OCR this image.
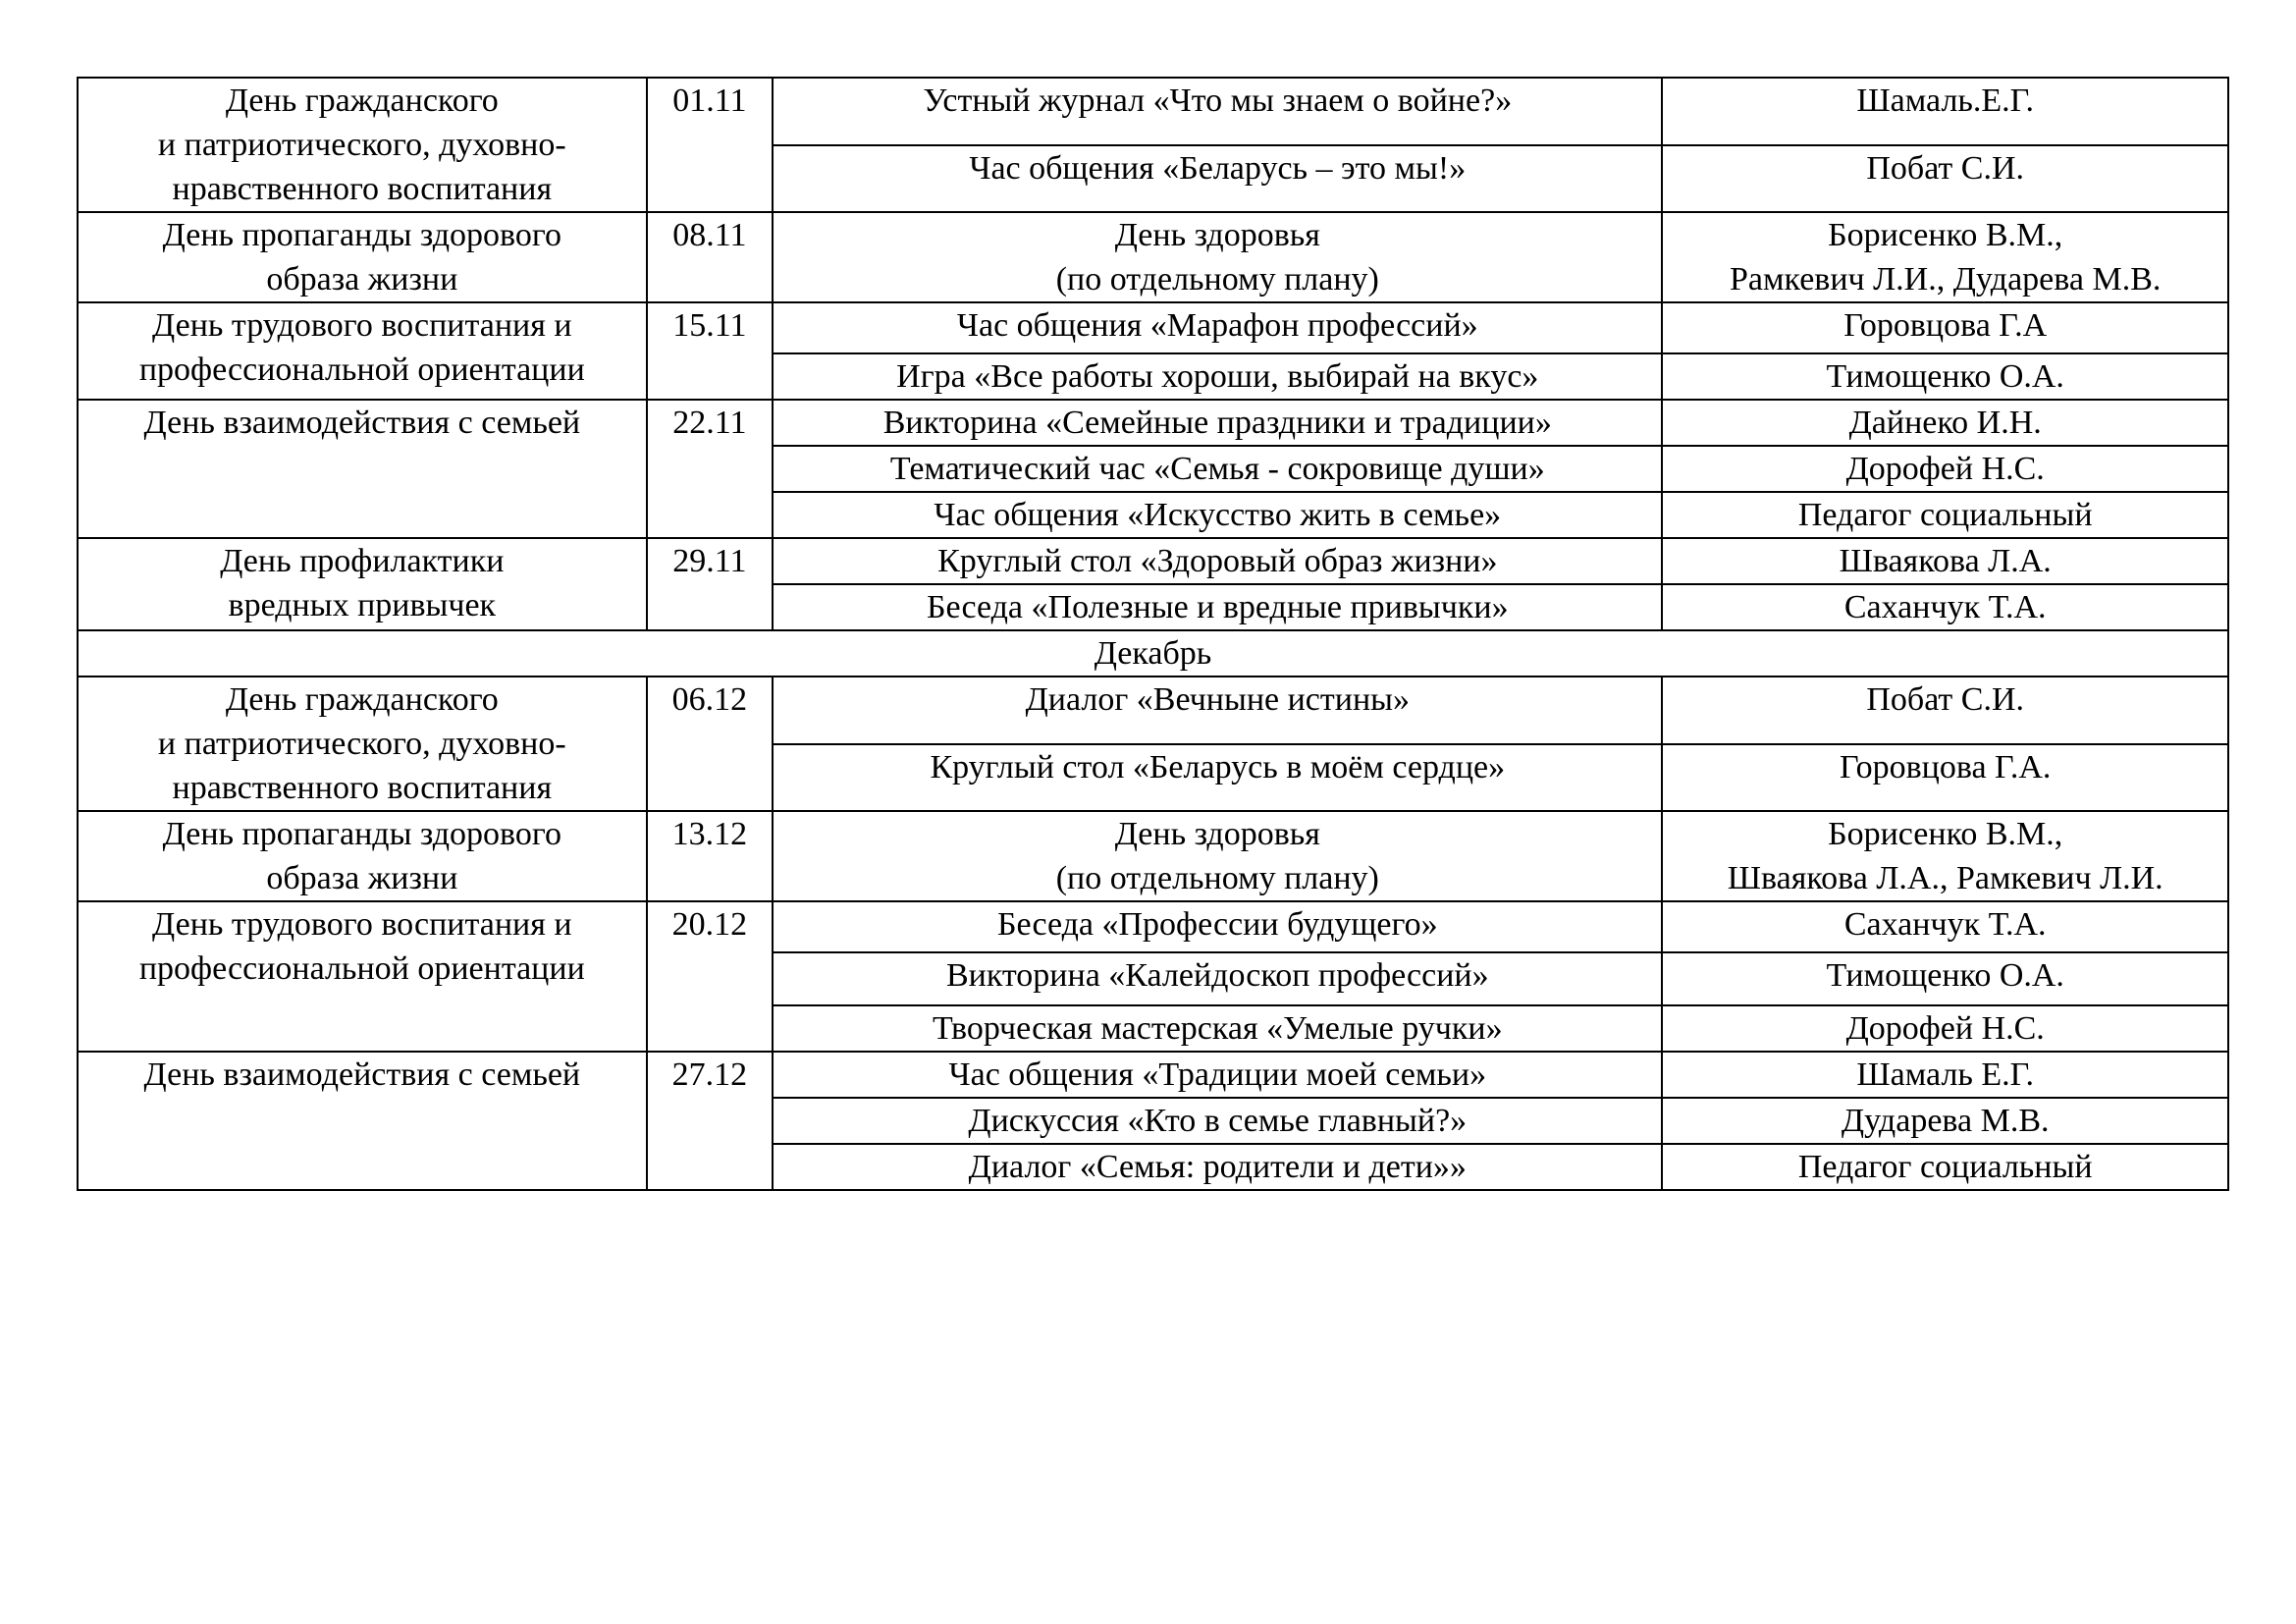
День гражданского
и патриотического, духовно-
нравственного воспитания	01.11	Устный журнал «Что мы знаем о войне?»	Шамаль.Е.Г.

		Час общения «Беларусь – это мы!»	Побат С.И.

День пропаганды здорового
образа жизни	08.11	День здоровья
(по отдельному плану)	Борисенко В.М.,
Рамкевич Л.И., Дударева М.В.

День трудового воспитания и
профессиональной ориентации	15.11	Час общения «Марафон профессий»	Горовцова Г.А

		Игра «Все работы хороши, выбирай на вкус»	Тимощенко О.А.

День взаимодействия с семьей	22.11	Викторина «Семейные праздники и традиции»	Дайнеко И.Н.

		Тематический час «Семья - сокровище души»	Дорофей Н.С.

		Час общения «Искусство жить в семье»	Педагог социальный

День профилактики
вредных привычек	29.11	Круглый стол «Здоровый образ жизни»	Шваякова Л.А.

		Беседа «Полезные и вредные привычки»	Саханчук Т.А.

Декабрь			

День гражданского
и патриотического, духовно-
нравственного воспитания	06.12	Диалог «Вечныне истины»	Побат С.И.

		Круглый стол «Беларусь в моём сердце»	Горовцова Г.А.

День пропаганды здорового
образа жизни	13.12	День здоровья
(по отдельному плану)	Борисенко В.М.,
Шваякова Л.А., Рамкевич Л.И.

День трудового воспитания и
профессиональной ориентации	20.12	Беседа «Профессии будущего»	Саханчук Т.А.

		Викторина «Калейдоскоп профессий»	Тимощенко О.А.

		Творческая мастерская «Умелые ручки»	Дорофей Н.С.

День взаимодействия с семьей	27.12	Час общения «Традиции моей семьи»	Шамаль Е.Г.

		Дискуссия «Кто в семье главный?»	Дударева М.В.

		Диалог «Семья: родители и дети»»	Педагог социальный
